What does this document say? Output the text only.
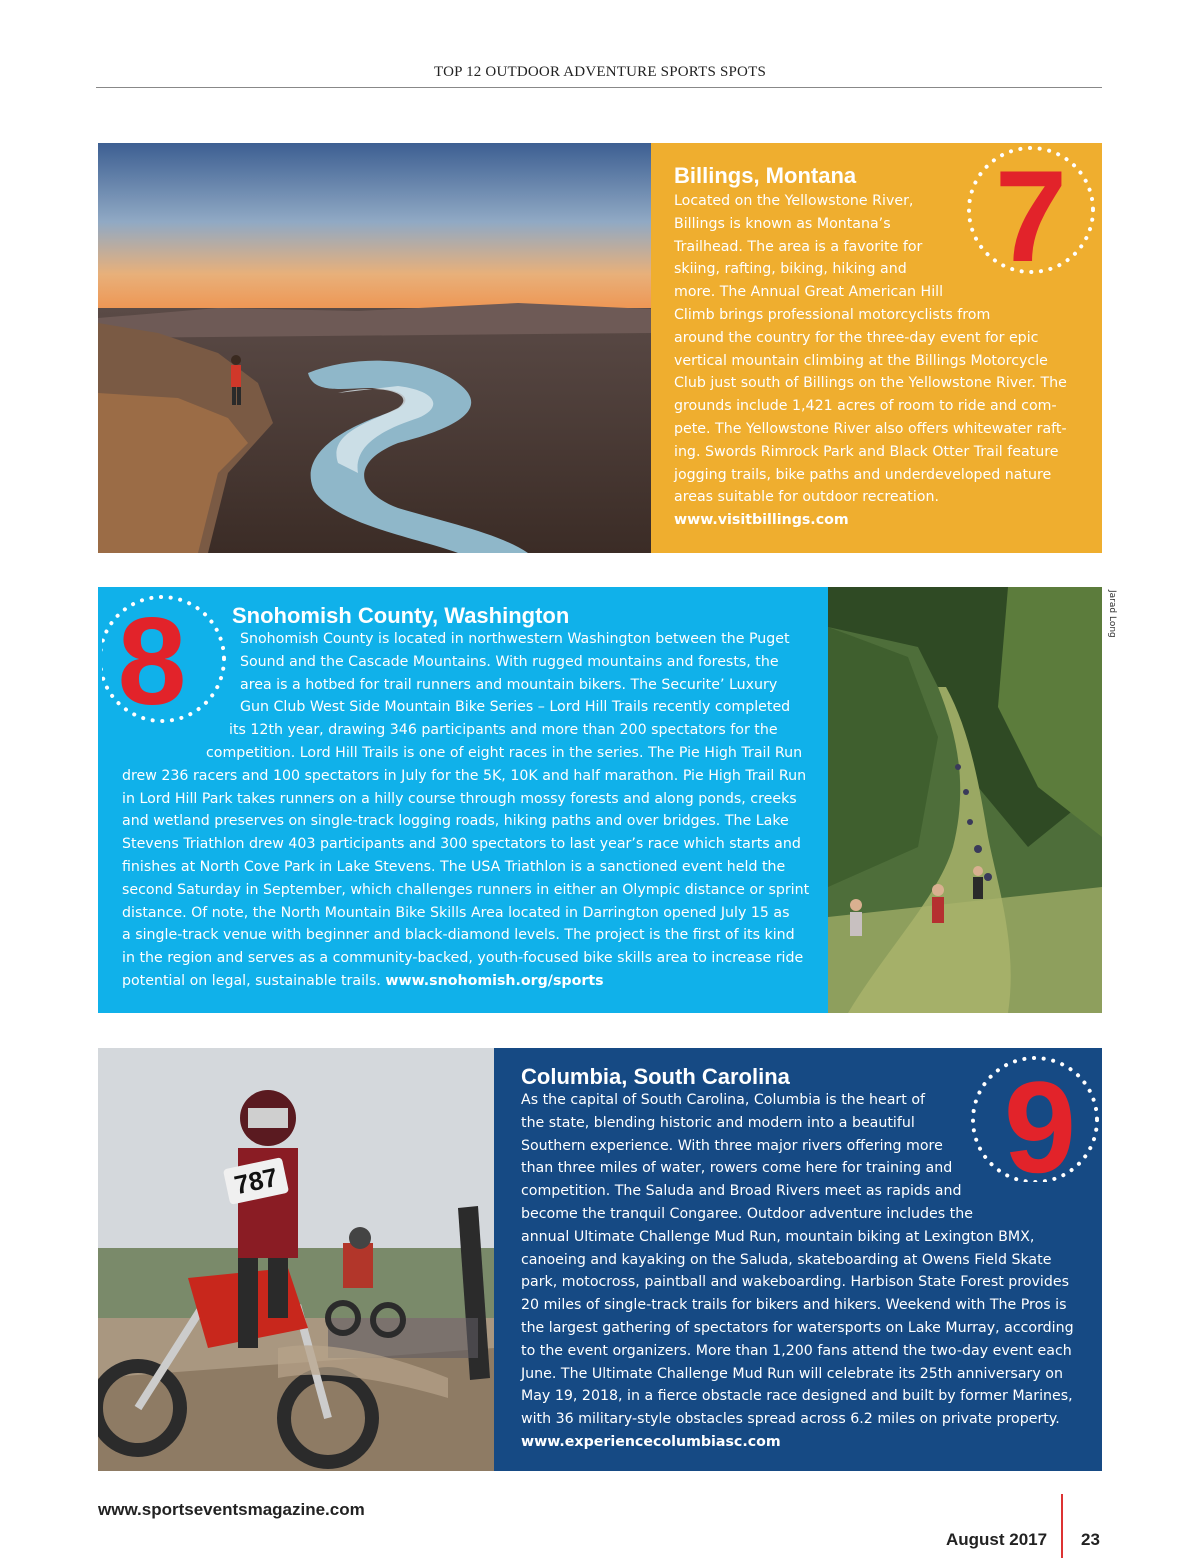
TOP 12 OUTDOOR ADVENTURE SPORTS SPOTS
Billings, Montana
Located on the Yellowstone River,
Billings is known as Montana’s
Trailhead. The area is a favorite for
skiing, rafting, biking, hiking and
more. The Annual Great American Hill
Climb brings professional motorcyclists from
around the country for the three-day event for epic
vertical mountain climbing at the Billings Motorcycle
Club just south of Billings on the Yellowstone River. The
grounds include 1,421 acres of room to ride and com-
pete. The Yellowstone River also offers whitewater raft-
ing. Swords Rimrock Park and Black Otter Trail feature
jogging trails, bike paths and underdeveloped nature
areas suitable for outdoor recreation.
www.visitbillings.com
7
8 Snohomish County, Washington
Snohomish County is located in northwestern Washington between the Puget
Sound and the Cascade Mountains. With rugged mountains and forests, the
area is a hotbed for trail runners and mountain bikers. The Securite’ Luxury
Gun Club West Side Mountain Bike Series – Lord Hill Trails recently completed
its 12th year, drawing 346 participants and more than 200 spectators for the
competition. Lord Hill Trails is one of eight races in the series. The Pie High Trail Run
drew 236 racers and 100 spectators in July for the 5K, 10K and half marathon. Pie High Trail Run
in Lord Hill Park takes runners on a hilly course through mossy forests and along ponds, creeks
and wetland preserves on single-track logging roads, hiking paths and over bridges. The Lake
Stevens Triathlon drew 403 participants and 300 spectators to last year’s race which starts and
finishes at North Cove Park in Lake Stevens. The USA Triathlon is a sanctioned event held the
second Saturday in September, which challenges runners in either an Olympic distance or sprint
distance. Of note, the North Mountain Bike Skills Area located in Darrington opened July 15 as
a single-track venue with beginner and black-diamond levels. The project is the first of its kind
in the region and serves as a community-backed, youth-focused bike skills area to increase ride
potential on legal, sustainable trails. www.snohomish.org/sports
Jarad Long
787
Columbia, South Carolina
As the capital of South Carolina, Columbia is the heart of
the state, blending historic and modern into a beautiful
Southern experience. With three major rivers offering more
than three miles of water, rowers come here for training and
competition. The Saluda and Broad Rivers meet as rapids and
become the tranquil Congaree. Outdoor adventure includes the
annual Ultimate Challenge Mud Run, mountain biking at Lexington BMX,
canoeing and kayaking on the Saluda, skateboarding at Owens Field Skate
park, motocross, paintball and wakeboarding. Harbison State Forest provides
20 miles of single-track trails for bikers and hikers. Weekend with The Pros is
the largest gathering of spectators for watersports on Lake Murray, according
to the event organizers. More than 1,200 fans attend the two-day event each
June. The Ultimate Challenge Mud Run will celebrate its 25th anniversary on
May 19, 2018, in a fierce obstacle race designed and built by former Marines,
with 36 military-style obstacles spread across 6.2 miles on private property.
www.experiencecolumbiasc.com
9
www.sportseventsmagazine.com
August 2017 23
